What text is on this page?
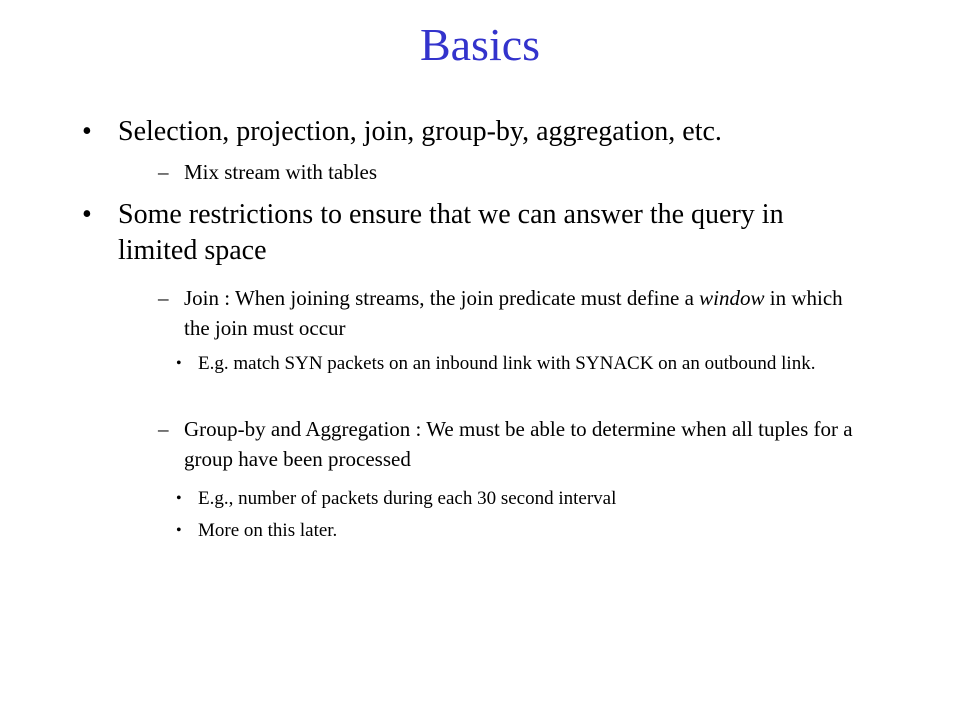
Basics
• Selection, projection, join, group-by, aggregation, etc.
– Mix stream with tables
• Some restrictions to ensure that we can answer the query in limited space
– Join : When joining streams, the join predicate must define a window in which the join must occur
• E.g. match SYN packets on an inbound link with SYNACK on an outbound link.
– Group-by and Aggregation : We must be able to determine when all tuples for a group have been processed
• E.g., number of packets during each 30 second interval
• More on this later.
